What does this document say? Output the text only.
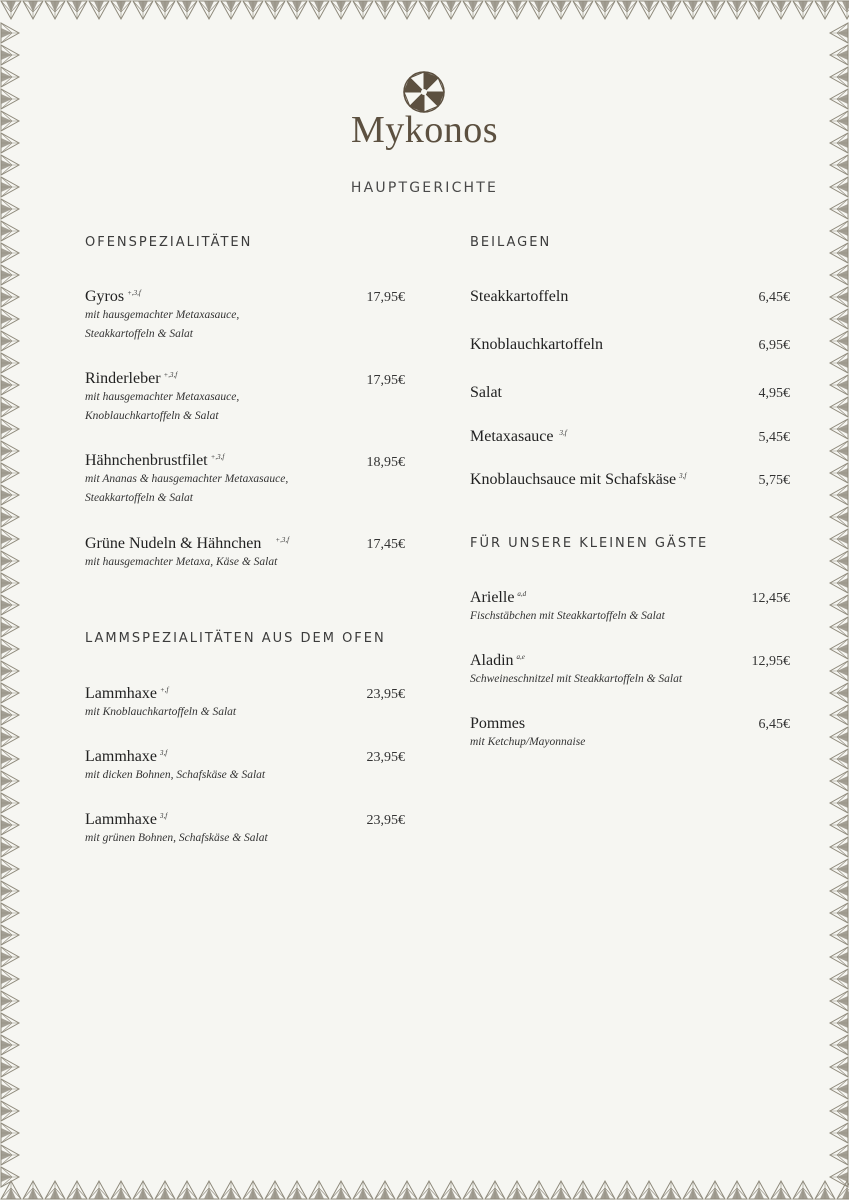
Mykonos
HAUPTGERICHTE
OFENSPEZIALITÄTEN
Gyros $^{+,3,f}$
mit hausgemachter Metaxasauce,
Steakkartoffeln & Salat
17,95€
Rinderleber $^{+,3,f}$
mit hausgemachter Metaxasauce,
Knoblauchkartoffeln & Salat
17,95€
Hähnchenbrustfilet $^{+,3,f}$
mit Ananas & hausgemachter Metaxasauce,
Steakkartoffeln & Salat
18,95€
Grüne Nudeln & Hähnchen $^{+,3,f}$
mit hausgemachter Metaxa, Käse & Salat
17,45€
LAMMSPEZIALITÄTEN AUS DEM OFEN
Lammhaxe $^{+,f}$
mit Knoblauchkartoffeln & Salat
23,95€
Lammhaxe $^{3,f}$
mit dicken Bohnen, Schafskäse & Salat
23,95€
Lammhaxe $^{3,f}$
mit grünen Bohnen, Schafskäse & Salat
23,95€
BEILAGEN
Steakkartoffeln	6,45€
Knoblauchkartoffeln	6,95€
Salat	4,95€
Metaxasauce $^{3,f}$	5,45€
Knoblauchsauce mit Schafskäse $^{3,f}$	5,75€
FÜR UNSERE KLEINEN GÄSTE
Arielle $^{a,d}$
Fischstäbchen mit Steakkartoffeln & Salat
12,45€
Aladin $^{a,e}$
Schweineschnitzel mit Steakkartoffeln & Salat
12,95€
Pommes
mit Ketchup/Mayonnaise
6,45€
